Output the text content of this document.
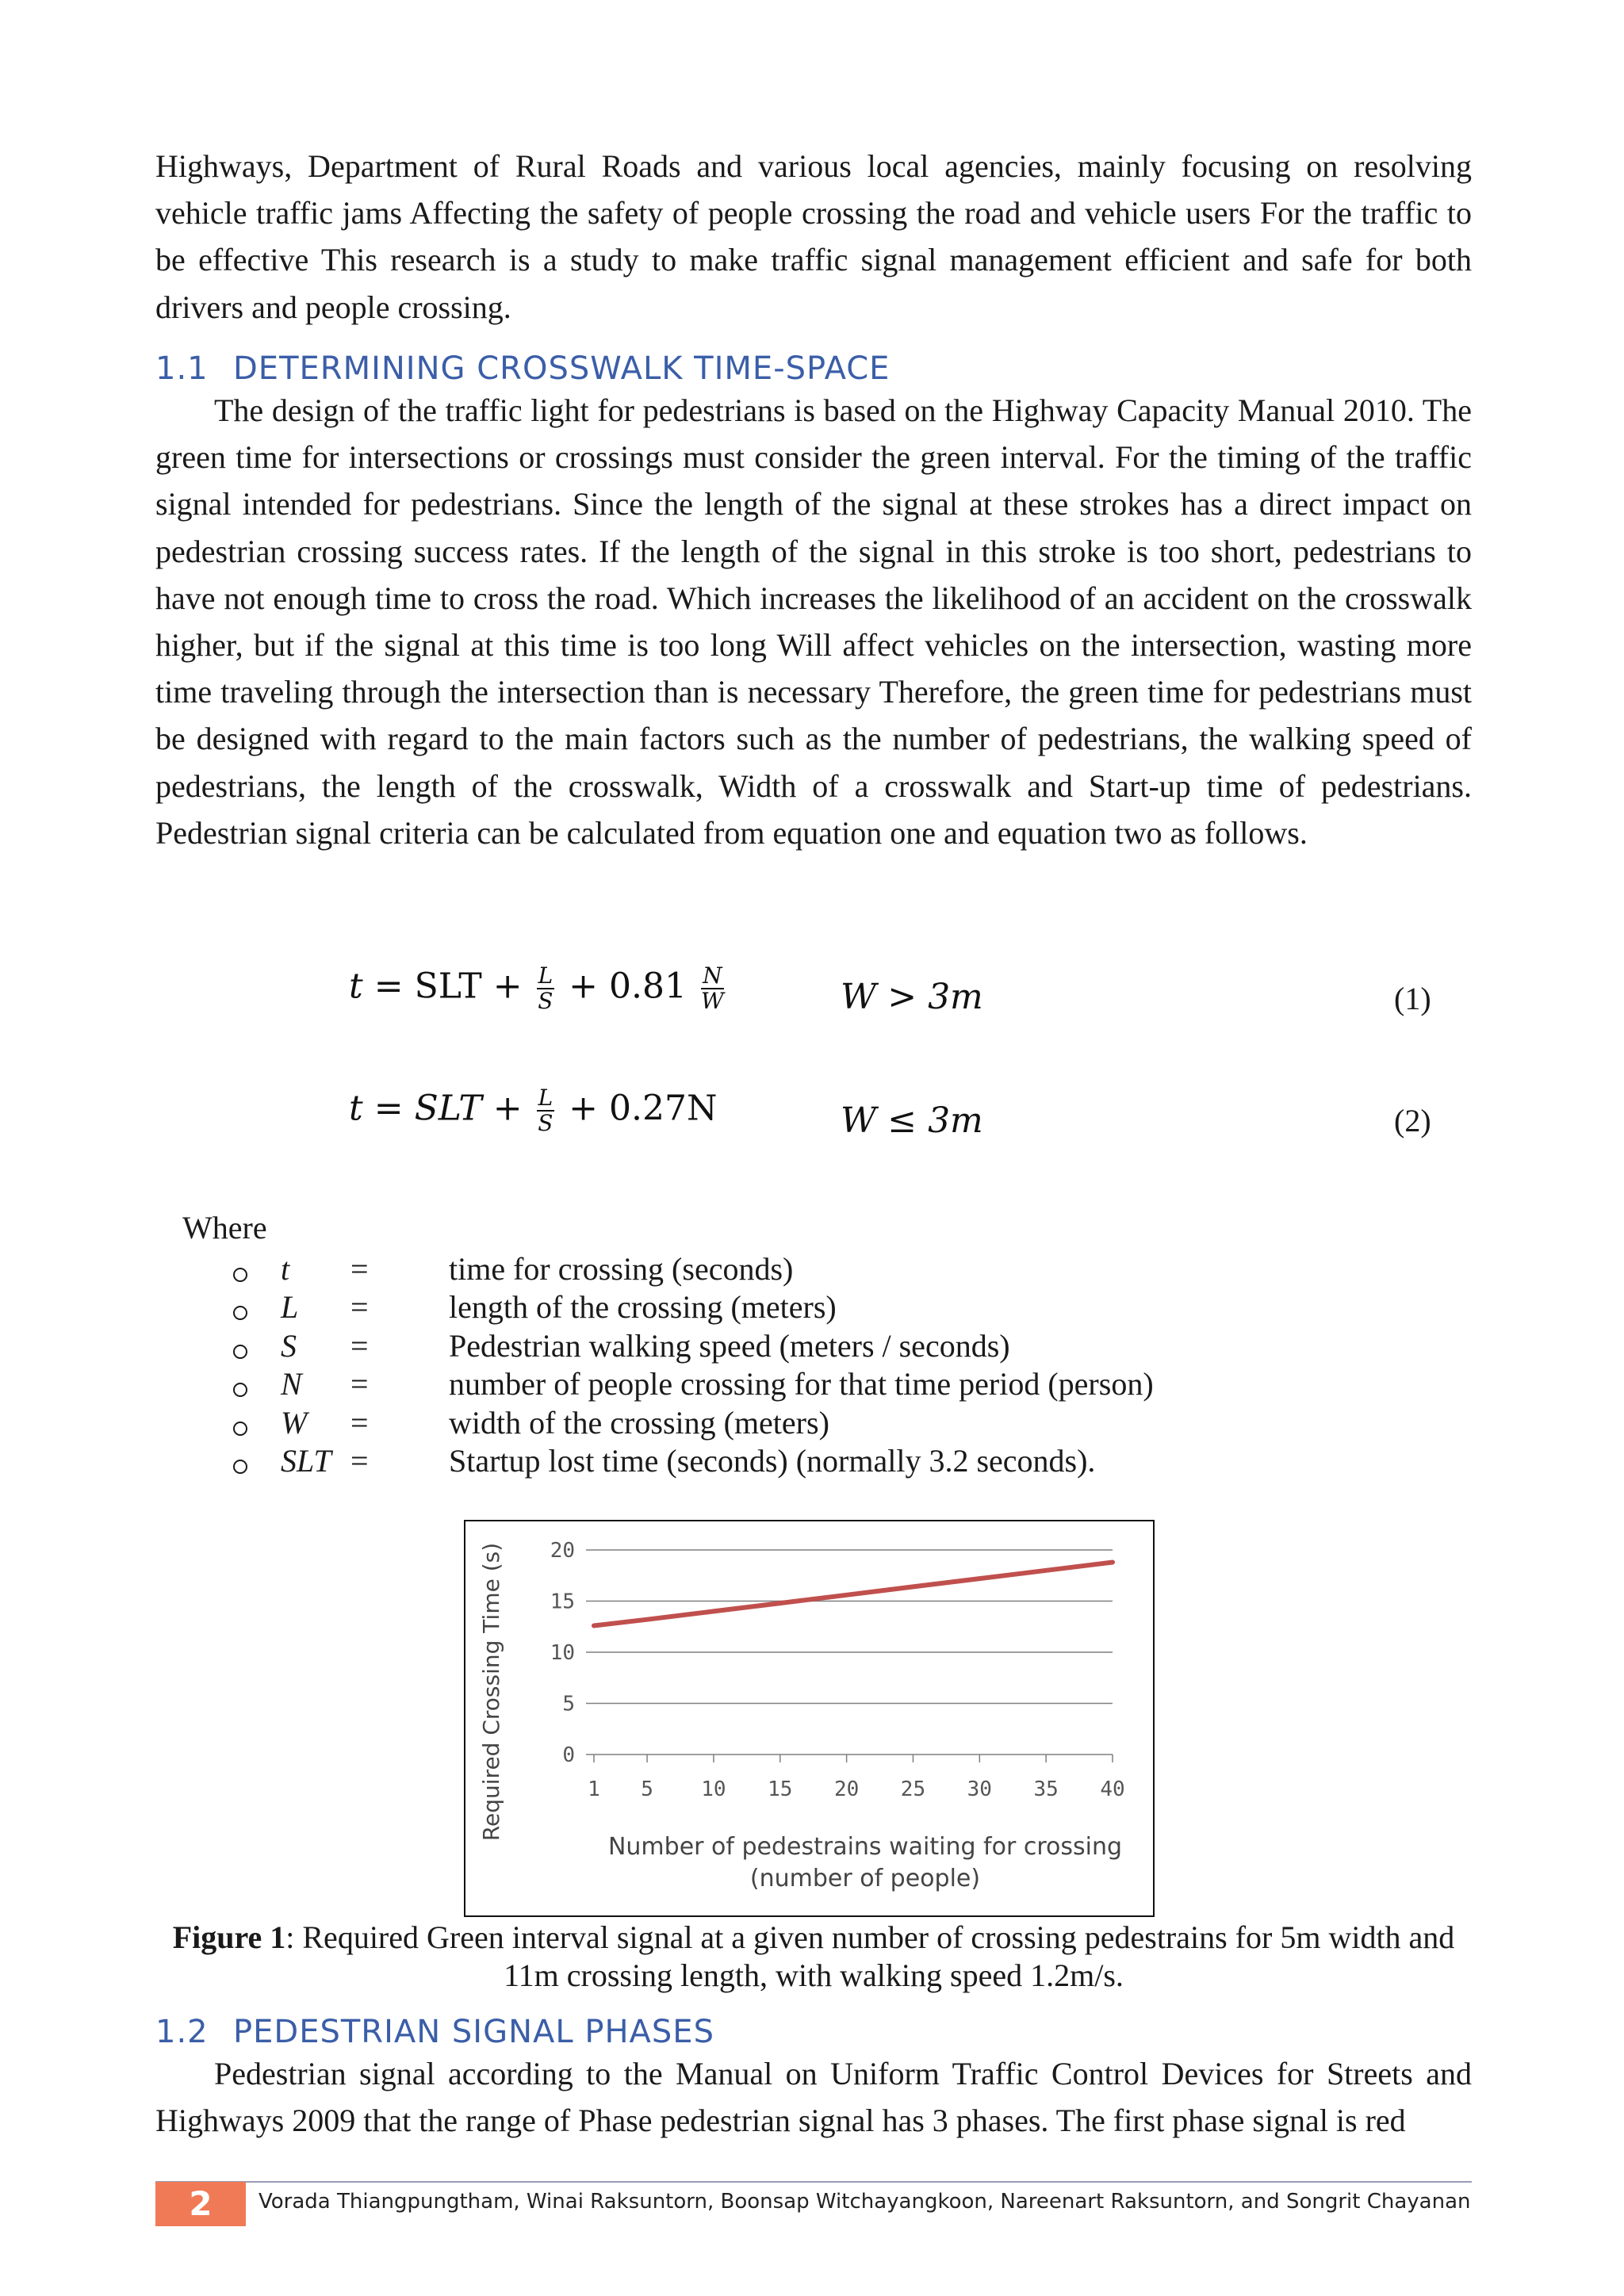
Highways, Department of Rural Roads and various local agencies, mainly focusing on resolving vehicle traffic jams Affecting the safety of people crossing the road and vehicle users For the traffic to be effective This research is a study to make traffic signal management efficient and safe for both drivers and people crossing.

1.1 DETERMINING CROSSWALK TIME-SPACE

The design of the traffic light for pedestrians is based on the Highway Capacity Manual 2010. The green time for intersections or crossings must consider the green interval. For the timing of the traffic signal intended for pedestrians. Since the length of the signal at these strokes has a direct impact on pedestrian crossing success rates. If the length of the signal in this stroke is too short, pedestrians to have not enough time to cross the road. Which increases the likelihood of an accident on the crosswalk higher, but if the signal at this time is too long Will affect vehicles on the intersection, wasting more time traveling through the intersection than is necessary Therefore, the green time for pedestrians must be designed with regard to the main factors such as the number of pedestrians, the walking speed of pedestrians, the length of the crosswalk, Width of a crosswalk and Start-up time of pedestrians. Pedestrian signal criteria can be calculated from equation one and equation two as follows.

t = SLT + $\frac{L}{S} + 0.81 \frac{N}{W}$	W > 3m	(1)
t = SLT + $\frac{L}{S} + 0.27N$	W ≤ 3m	(2)
Where
t =	time for crossing (seconds)
L =	length of the crossing (meters)
S =	Pedestrian walking speed (meters / seconds)
N =	number of people crossing for that time period (person)
W =	width of the crossing (meters)
SLT =	Startup lost time (seconds) (normally 3.2 seconds).
0
5
10
15
20
1 5 10 15 20 25 30 35 40
Required Crossing Time (s)
Number of pedestrains waiting for crossing
(number of people)
Figure 1: Required Green interval signal at a given number of crossing pedestrains for 5m width and 11m crossing length, with walking speed 1.2m/s.
1.2 PEDESTRIAN SIGNAL PHASES

Pedestrian signal according to the Manual on Uniform Traffic Control Devices for Streets and Highways 2009 that the range of Phase pedestrian signal has 3 phases. The first phase signal is red

2	Vorada Thiangpungtham, Winai Raksuntorn, Boonsap Witchayangkoon, Nareenart Raksuntorn, and Songrit Chayanan
